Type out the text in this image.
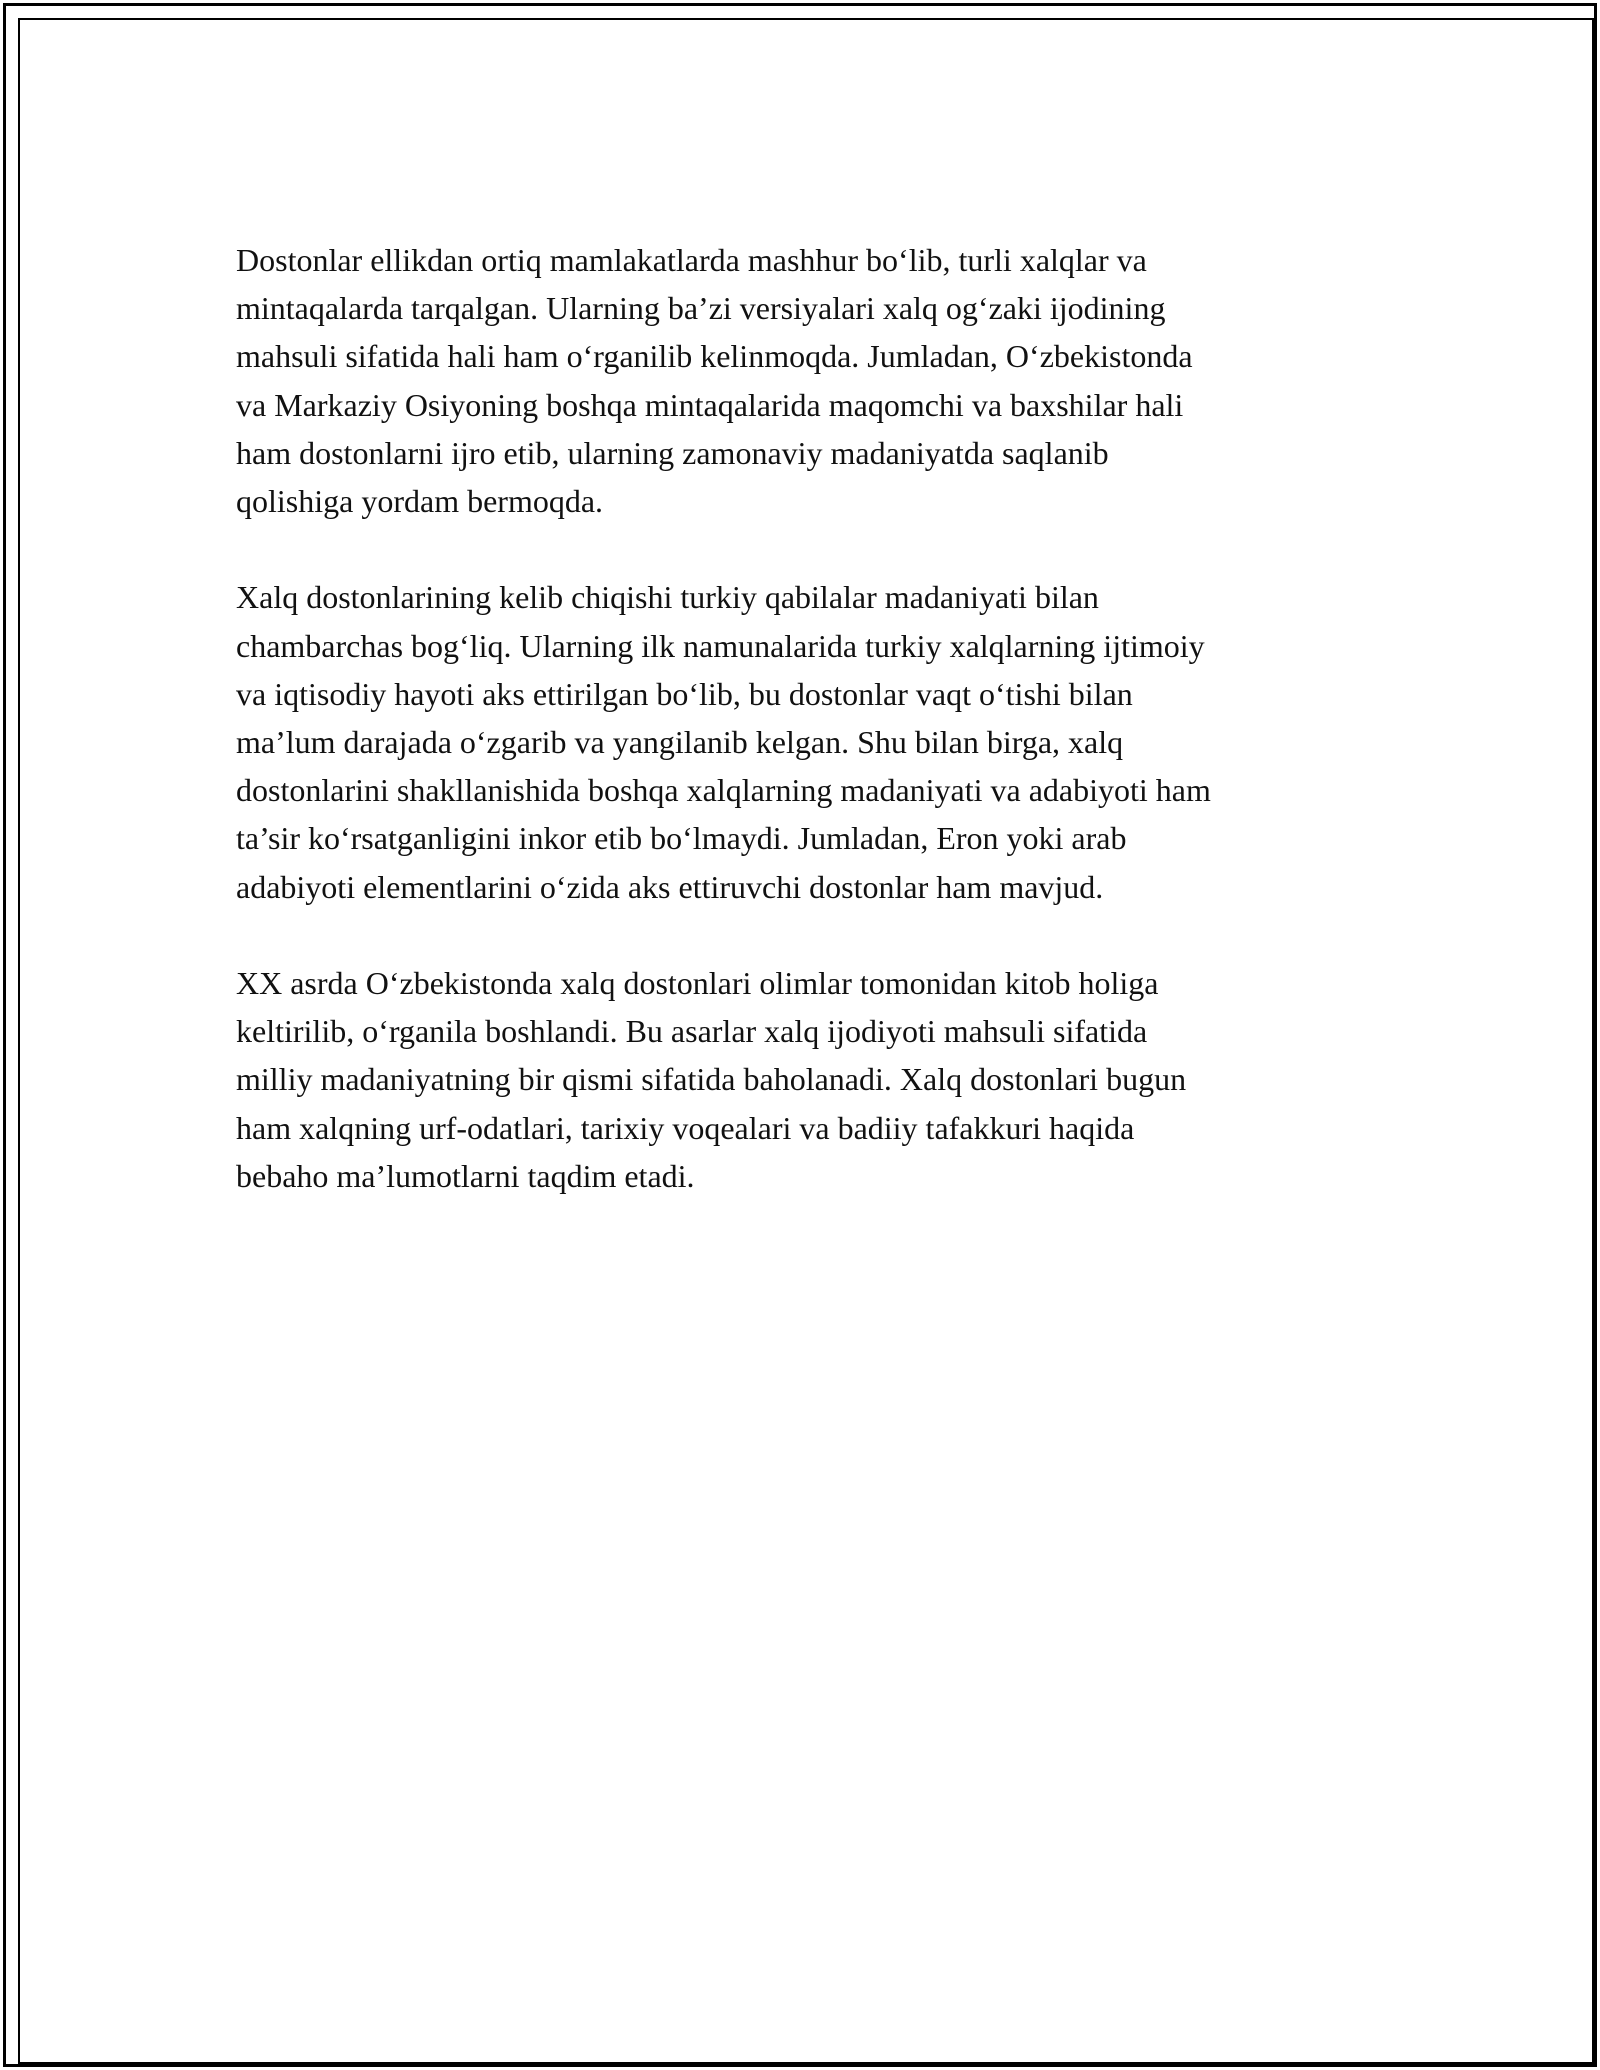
Dostonlar ellikdan ortiq mamlakatlarda mashhur bo‘lib, turli xalqlar va
mintaqalarda tarqalgan. Ularning ba’zi versiyalari xalq og‘zaki ijodining
mahsuli sifatida hali ham o‘rganilib kelinmoqda. Jumladan, O‘zbekistonda
va Markaziy Osiyoning boshqa mintaqalarida maqomchi va baxshilar hali
ham dostonlarni ijro etib, ularning zamonaviy madaniyatda saqlanib
qolishiga yordam bermoqda.

Xalq dostonlarining kelib chiqishi turkiy qabilalar madaniyati bilan
chambarchas bog‘liq. Ularning ilk namunalarida turkiy xalqlarning ijtimoiy
va iqtisodiy hayoti aks ettirilgan bo‘lib, bu dostonlar vaqt o‘tishi bilan
ma’lum darajada o‘zgarib va yangilanib kelgan. Shu bilan birga, xalq
dostonlarini shakllanishida boshqa xalqlarning madaniyati va adabiyoti ham
ta’sir ko‘rsatganligini inkor etib bo‘lmaydi. Jumladan, Eron yoki arab
adabiyoti elementlarini o‘zida aks ettiruvchi dostonlar ham mavjud.

XX asrda O‘zbekistonda xalq dostonlari olimlar tomonidan kitob holiga
keltirilib, o‘rganila boshlandi. Bu asarlar xalq ijodiyoti mahsuli sifatida
milliy madaniyatning bir qismi sifatida baholanadi. Xalq dostonlari bugun
ham xalqning urf-odatlari, tarixiy voqealari va badiiy tafakkuri haqida
bebaho ma’lumotlarni taqdim etadi.
